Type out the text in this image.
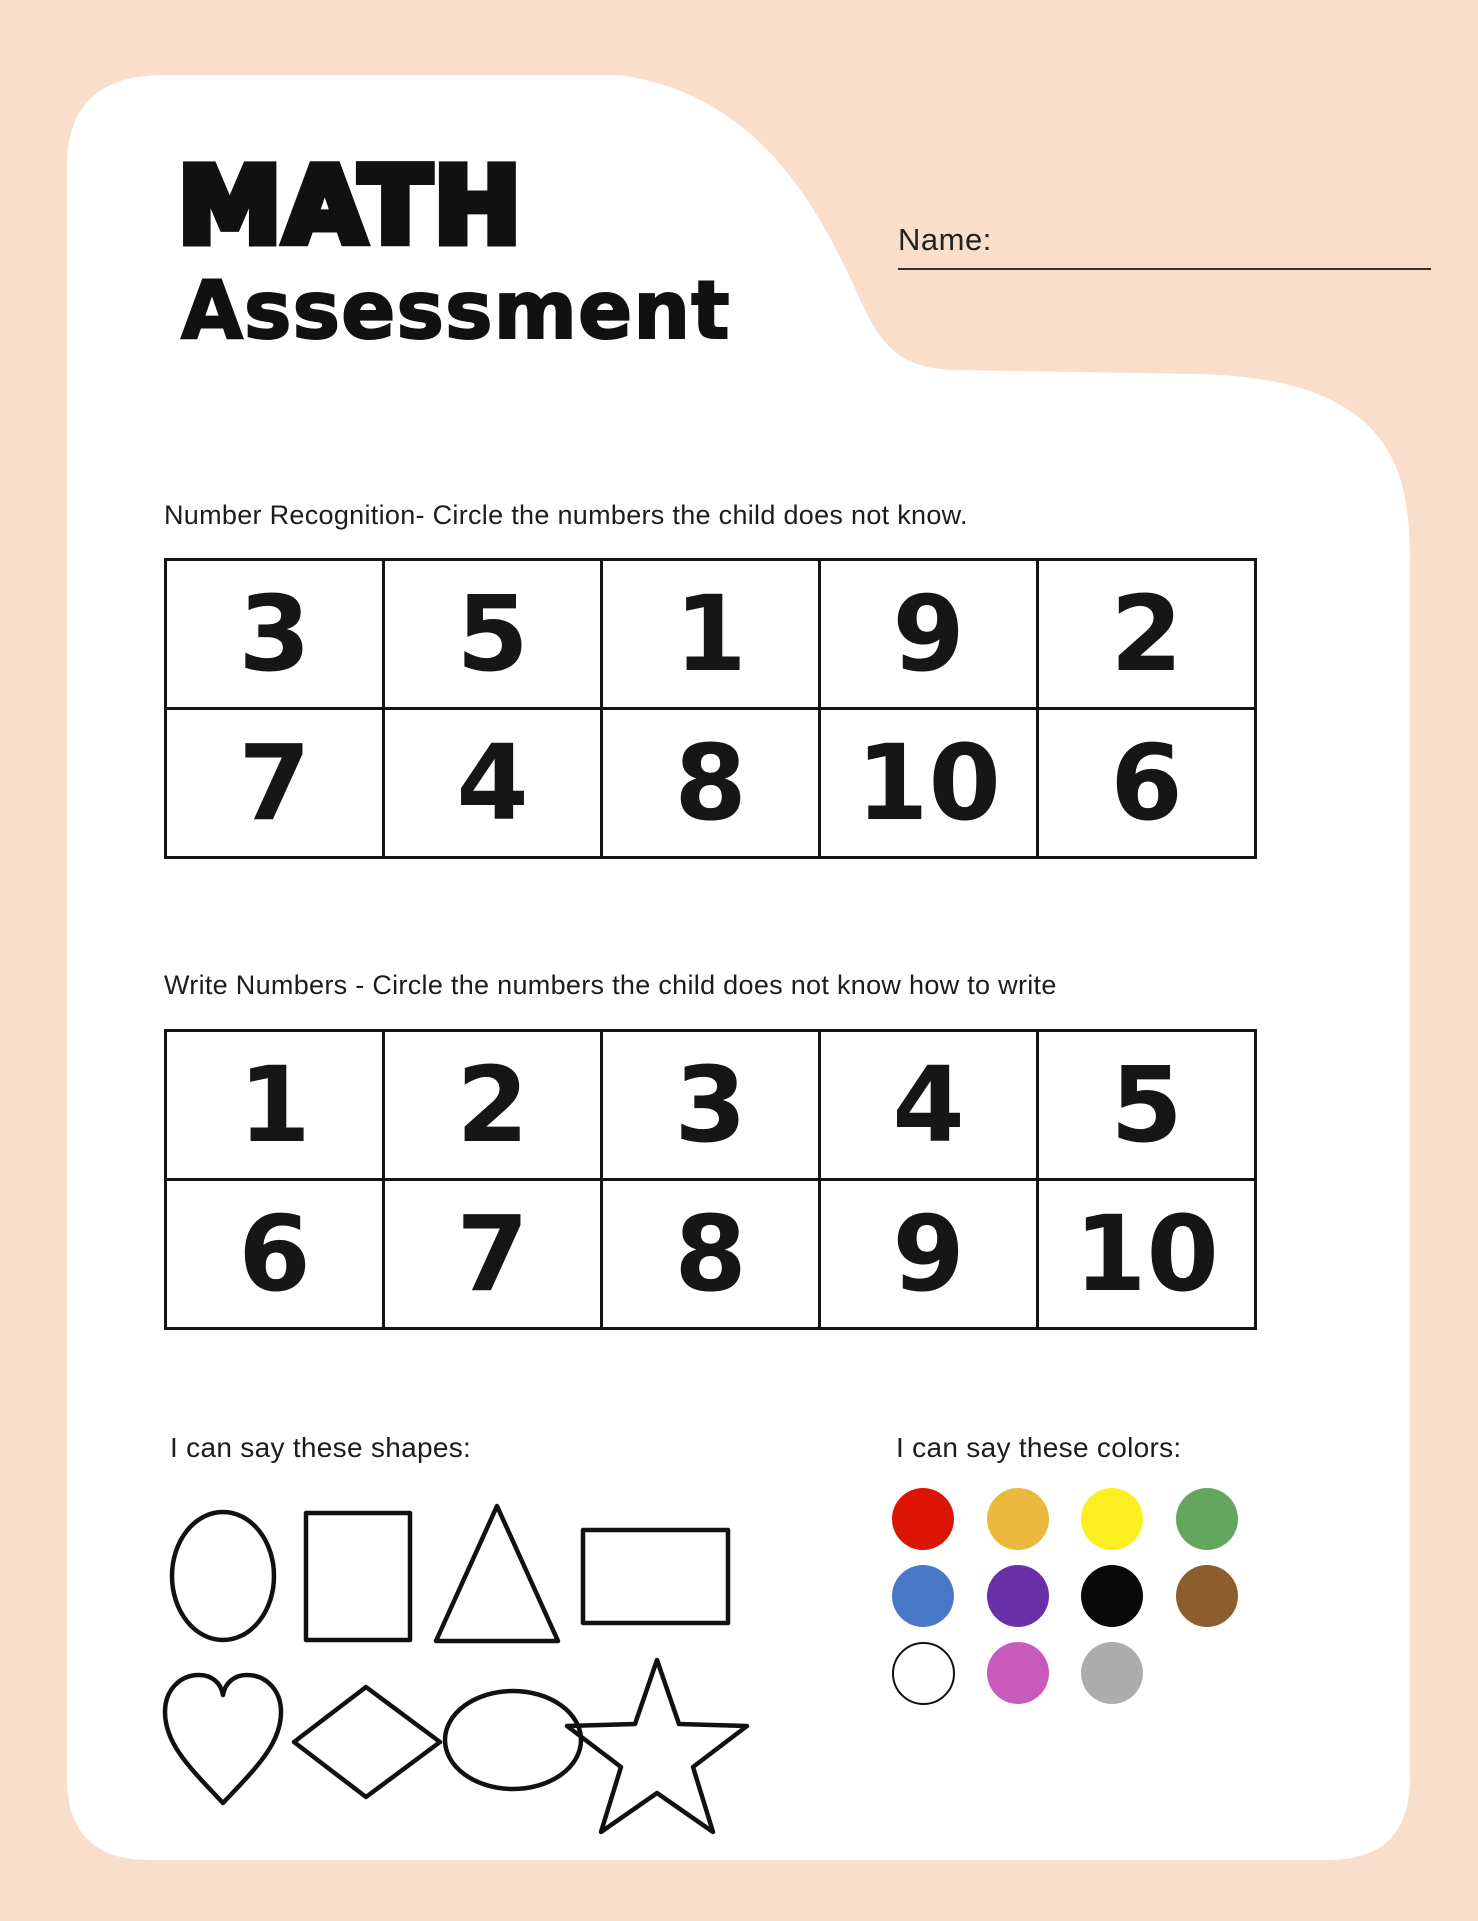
MATH
Assessment
Name:
Number Recognition- Circle the numbers the child does not know.
3	5	1	9	2
7	4	8	10	6
Write Numbers - Circle the numbers the child does not know how to write
1	2	3	4	5
6	7	8	9	10
I can say these shapes:	I can say these colors:
